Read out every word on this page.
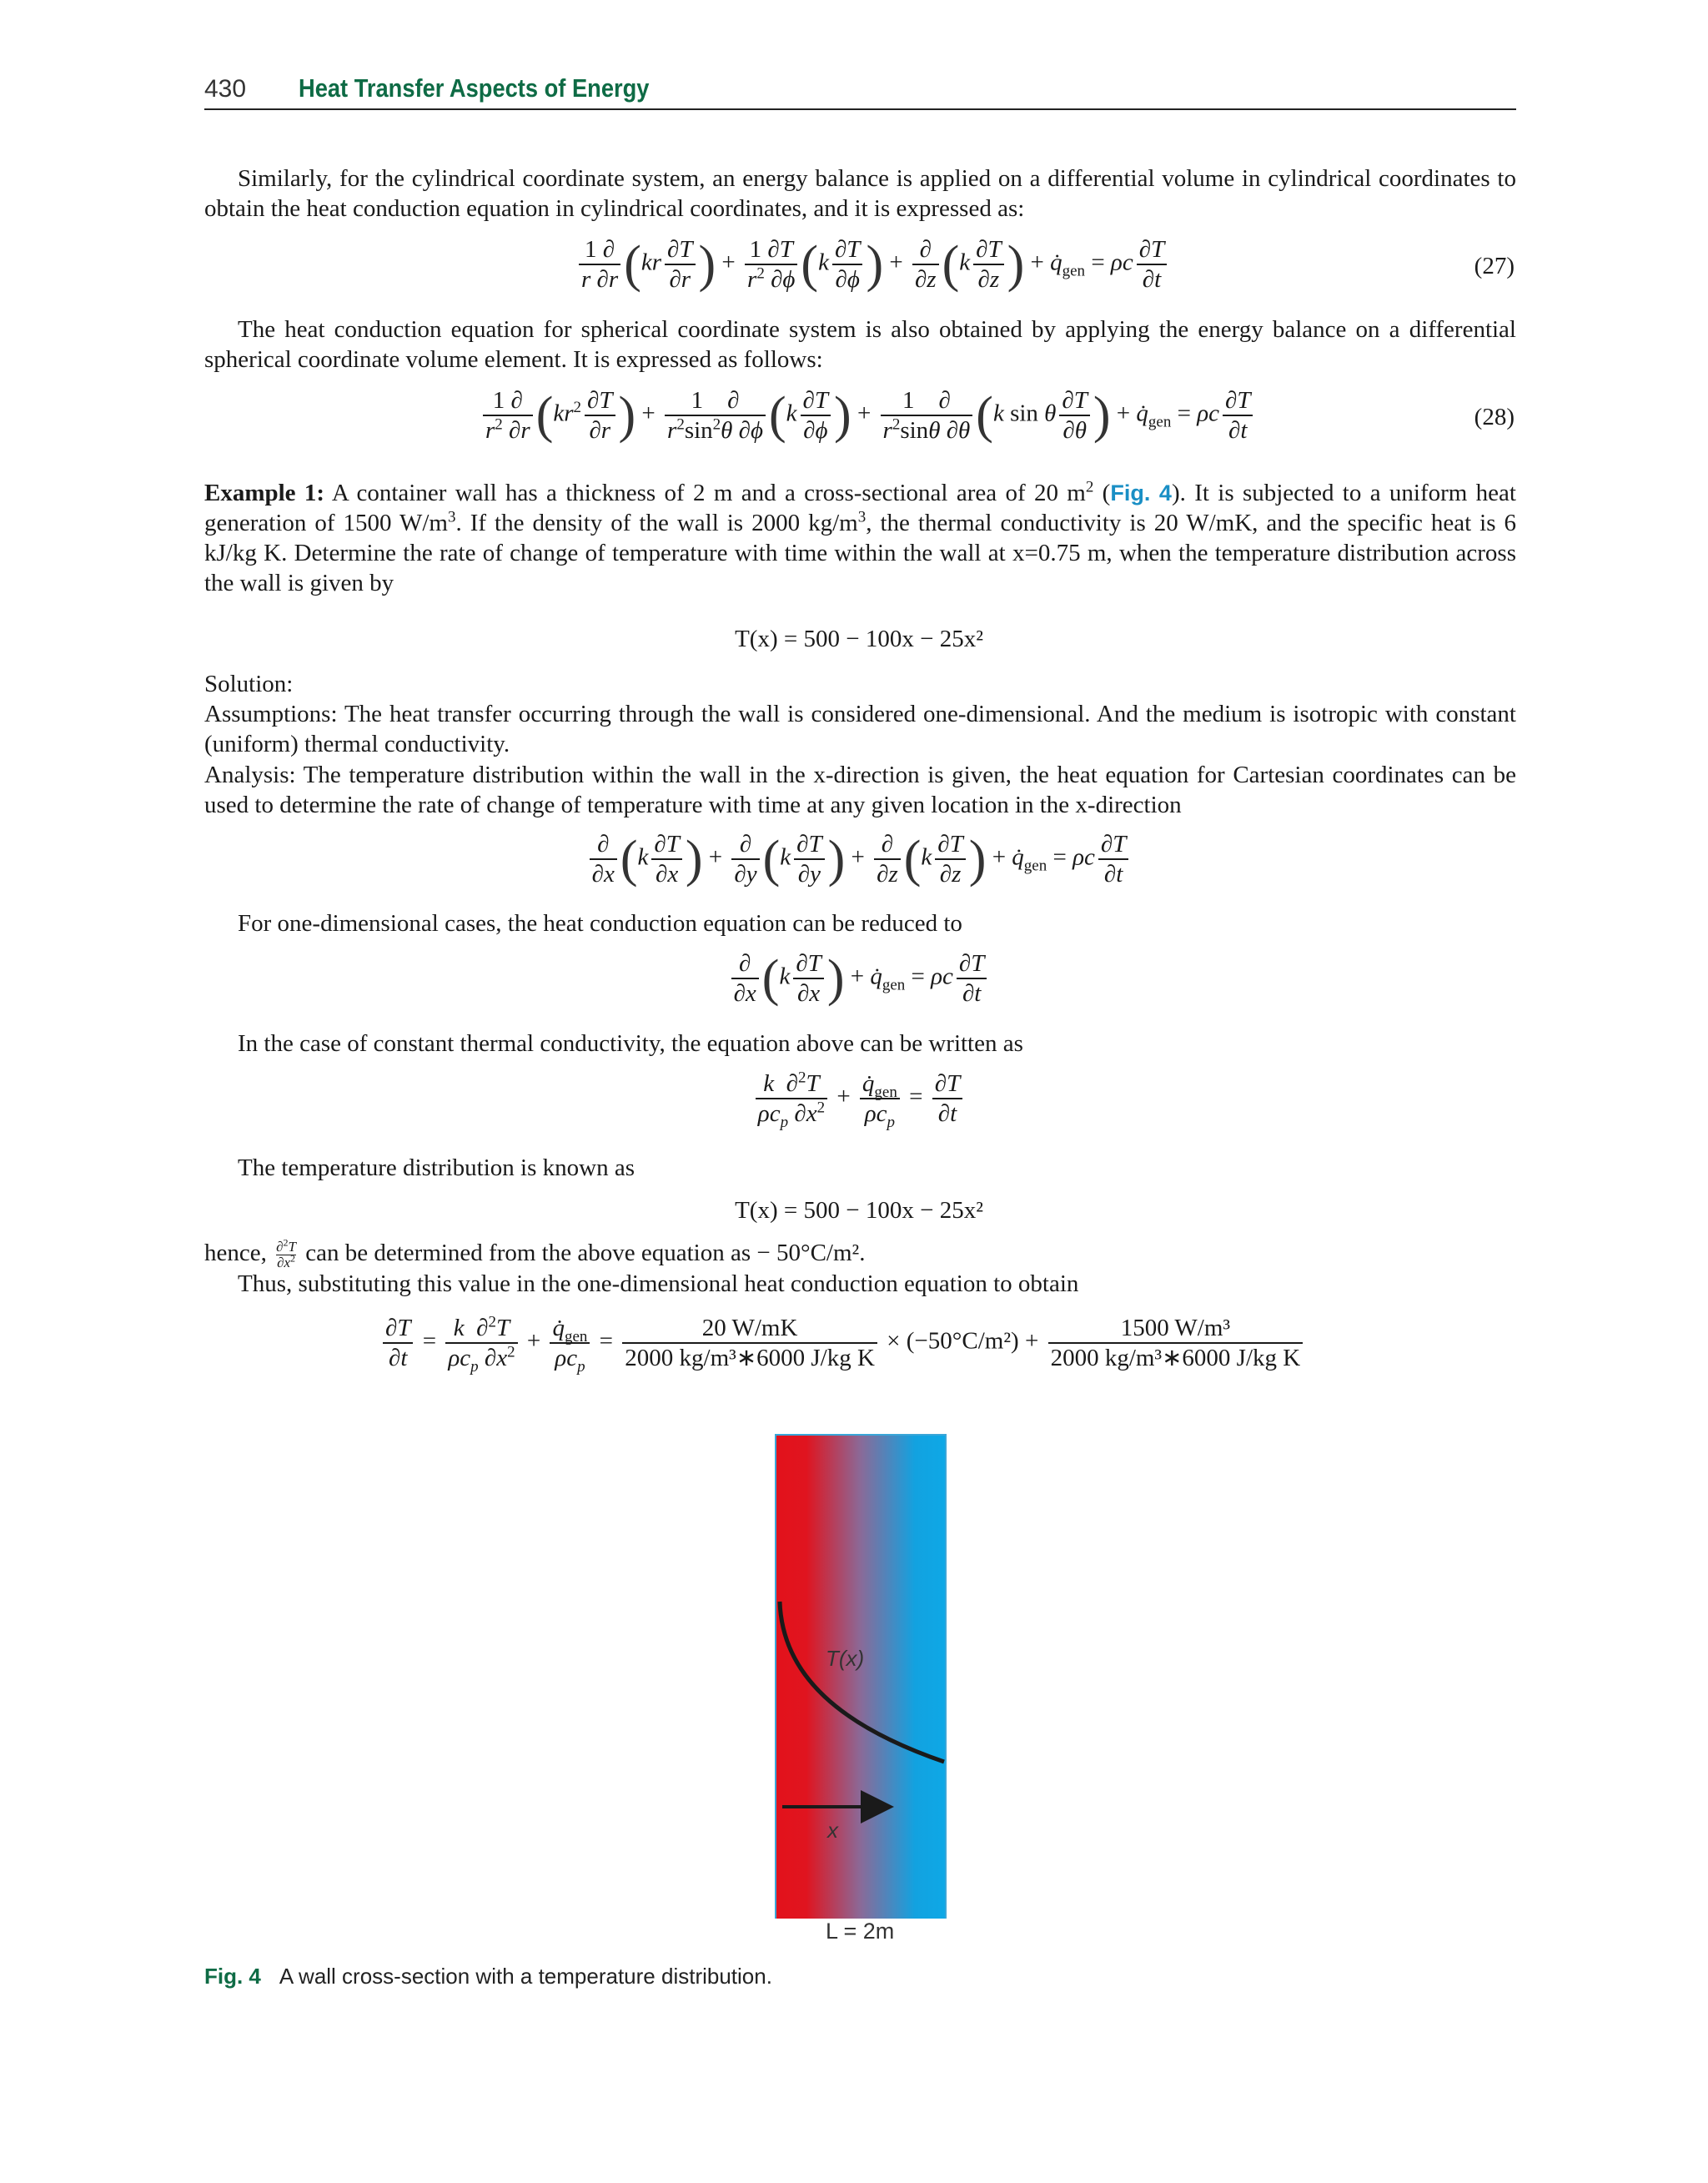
430 Heat Transfer Aspects of Energy
Similarly, for the cylindrical coordinate system, an energy balance is applied on a differential volume in cylindrical coordinates to obtain the heat conduction equation in cylindrical coordinates, and it is expressed as:
$\frac{1 \partial}{r \partial r} (kr \frac{\partial T}{\partial r}$ ) + $\frac{1 \partial T}{r^2 \partial\phi} (k \frac{\partial T}{\partial\phi}$ ) + $\frac{\partial}{\partial z} (k \frac{\partial T}{\partial z}$ ) + $q̇_{gen} = \rho c \frac{\partial T}{\partial t}$	(27)
The heat conduction equation for spherical coordinate system is also obtained by applying the energy balance on a differential spherical coordinate volume element. It is expressed as follows:
$\frac{1 \partial}{r^2 \partial r} (kr^2 \frac{\partial T}{\partial r}$ ) + $\frac{1 \partial}{r^2\sin^2\theta \partial\phi} (k \frac{\partial T}{\partial\phi}$ ) + $\frac{1 \partial}{r^2\sin\theta \partial\theta} (k$ sin θ $\frac{\partial T}{\partial\theta}$ ) + $q̇_{gen} = \rho c \frac{\partial T}{\partial t}$	(28)
Example 1: A container wall has a thickness of 2 m and a cross-sectional area of 20 $m^2$ (Fig. 4). It is subjected to a uniform heat generation of 1500 $W/m^3$. If the density of the wall is 2000 $kg/m^3$, the thermal conductivity is 20 W/mK, and the specific heat is 6 kJ/kg K. Determine the rate of change of temperature with time within the wall at x=0.75 m, when the temperature distribution across the wall is given by
T(x) = 500 − 100x − 25x²
Solution:
Assumptions: The heat transfer occurring through the wall is considered one-dimensional. And the medium is isotropic with constant (uniform) thermal conductivity.
Analysis: The temperature distribution within the wall in the x-direction is given, the heat equation for Cartesian coordinates can be used to determine the rate of change of temperature with time at any given location in the x-direction
$\frac{\partial}{\partial x} (k \frac{\partial T}{\partial x}$ ) + $\frac{\partial}{\partial y} (k \frac{\partial T}{\partial y}$ ) + $\frac{\partial}{\partial z} (k \frac{\partial T}{\partial z}$ ) + $q̇_{gen} = \rho c \frac{\partial T}{\partial t}$
For one-dimensional cases, the heat conduction equation can be reduced to
$\frac{\partial}{\partial x} (k \frac{\partial T}{\partial x}$ ) + $q̇_{gen} = \rho c \frac{\partial T}{\partial t}$
In the case of constant thermal conductivity, the equation above can be written as
$\frac{k \partial^2T}{\rho c_p \partial x^2} + \frac{q̇_{gen}}{\rho c_p} = \frac{\partial T}{\partial t}$
The temperature distribution is known as
T(x) = 500 − 100x − 25x²
hence, $\frac{\partial^2T}{\partial x^2}$ can be determined from the above equation as − 50°C/m².
Thus, substituting this value in the one-dimensional heat conduction equation to obtain
$\frac{\partial T}{\partial t} = \frac{k \partial^2T}{\rho c_p \partial x^2} + \frac{q̇_{gen}}{\rho c_p} = \frac{20 W/mK}{\text{2000 kg/m³∗6000 J/kg K}} \times (-50^\circ C/m^2) + \frac{\text{1500 W/m³}}{\text{2000 kg/m³∗6000 J/kg K}}$
T(x)
x
L = 2m
Fig. 4 A wall cross-section with a temperature distribution.
